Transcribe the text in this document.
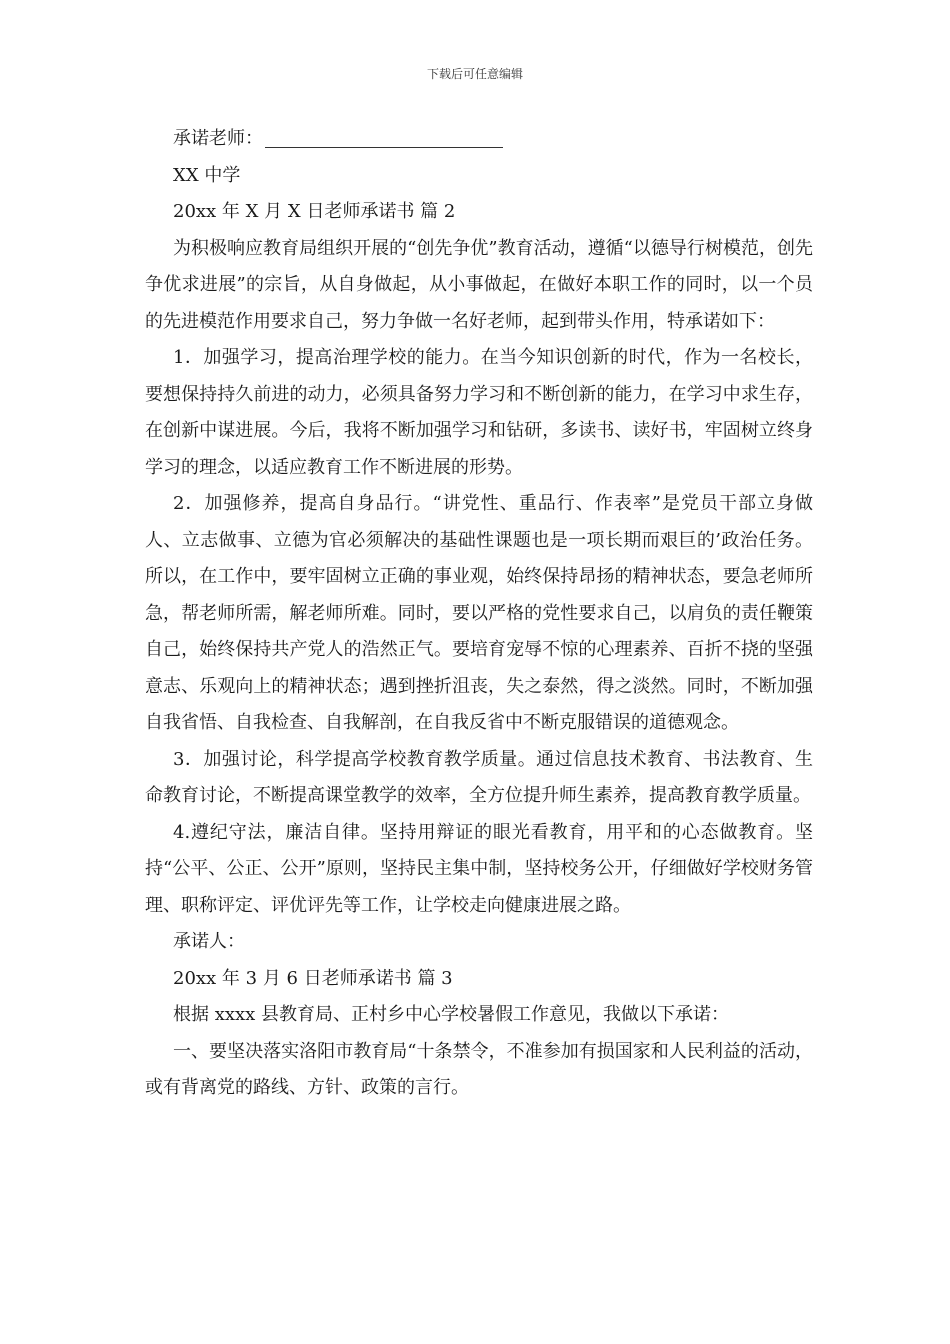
下载后可任意编辑

承诺老师：

XX 中学

20xx 年 X 月 X 日老师承诺书 篇 2

为积极响应教育局组织开展的“创先争优”教育活动，遵循“以德导行树模范，创先争优求进展”的宗旨，从自身做起，从小事做起，在做好本职工作的同时，以一个员的先进模范作用要求自己，努力争做一名好老师，起到带头作用，特承诺如下：

1．加强学习，提高治理学校的能力。在当今知识创新的时代，作为一名校长，要想保持持久前进的动力，必须具备努力学习和不断创新的能力，在学习中求生存，在创新中谋进展。今后，我将不断加强学习和钻研，多读书、读好书，牢固树立终身学习的理念，以适应教育工作不断进展的形势。

2．加强修养，提高自身品行。“讲党性、重品行、作表率”是党员干部立身做人、立志做事、立德为官必须解决的基础性课题也是一项长期而艰巨的’政治任务。所以，在工作中，要牢固树立正确的事业观，始终保持昂扬的精神状态，要急老师所急，帮老师所需，解老师所难。同时，要以严格的党性要求自己，以肩负的责任鞭策自己，始终保持共产党人的浩然正气。要培育宠辱不惊的心理素养、百折不挠的坚强意志、乐观向上的精神状态；遇到挫折沮丧，失之泰然，得之淡然。同时，不断加强自我省悟、自我检查、自我解剖，在自我反省中不断克服错误的道德观念。

3．加强讨论，科学提高学校教育教学质量。通过信息技术教育、书法教育、生命教育讨论，不断提高课堂教学的效率，全方位提升师生素养，提高教育教学质量。

4.遵纪守法，廉洁自律。坚持用辩证的眼光看教育，用平和的心态做教育。坚持“公平、公正、公开”原则，坚持民主集中制，坚持校务公开，仔细做好学校财务管理、职称评定、评优评先等工作，让学校走向健康进展之路。

承诺人：

20xx 年 3 月 6 日老师承诺书 篇 3

根据 xxxx 县教育局、正村乡中心学校暑假工作意见，我做以下承诺：

一、要坚决落实洛阳市教育局“十条禁令，不准参加有损国家和人民利益的活动，或有背离党的路线、方针、政策的言行。
